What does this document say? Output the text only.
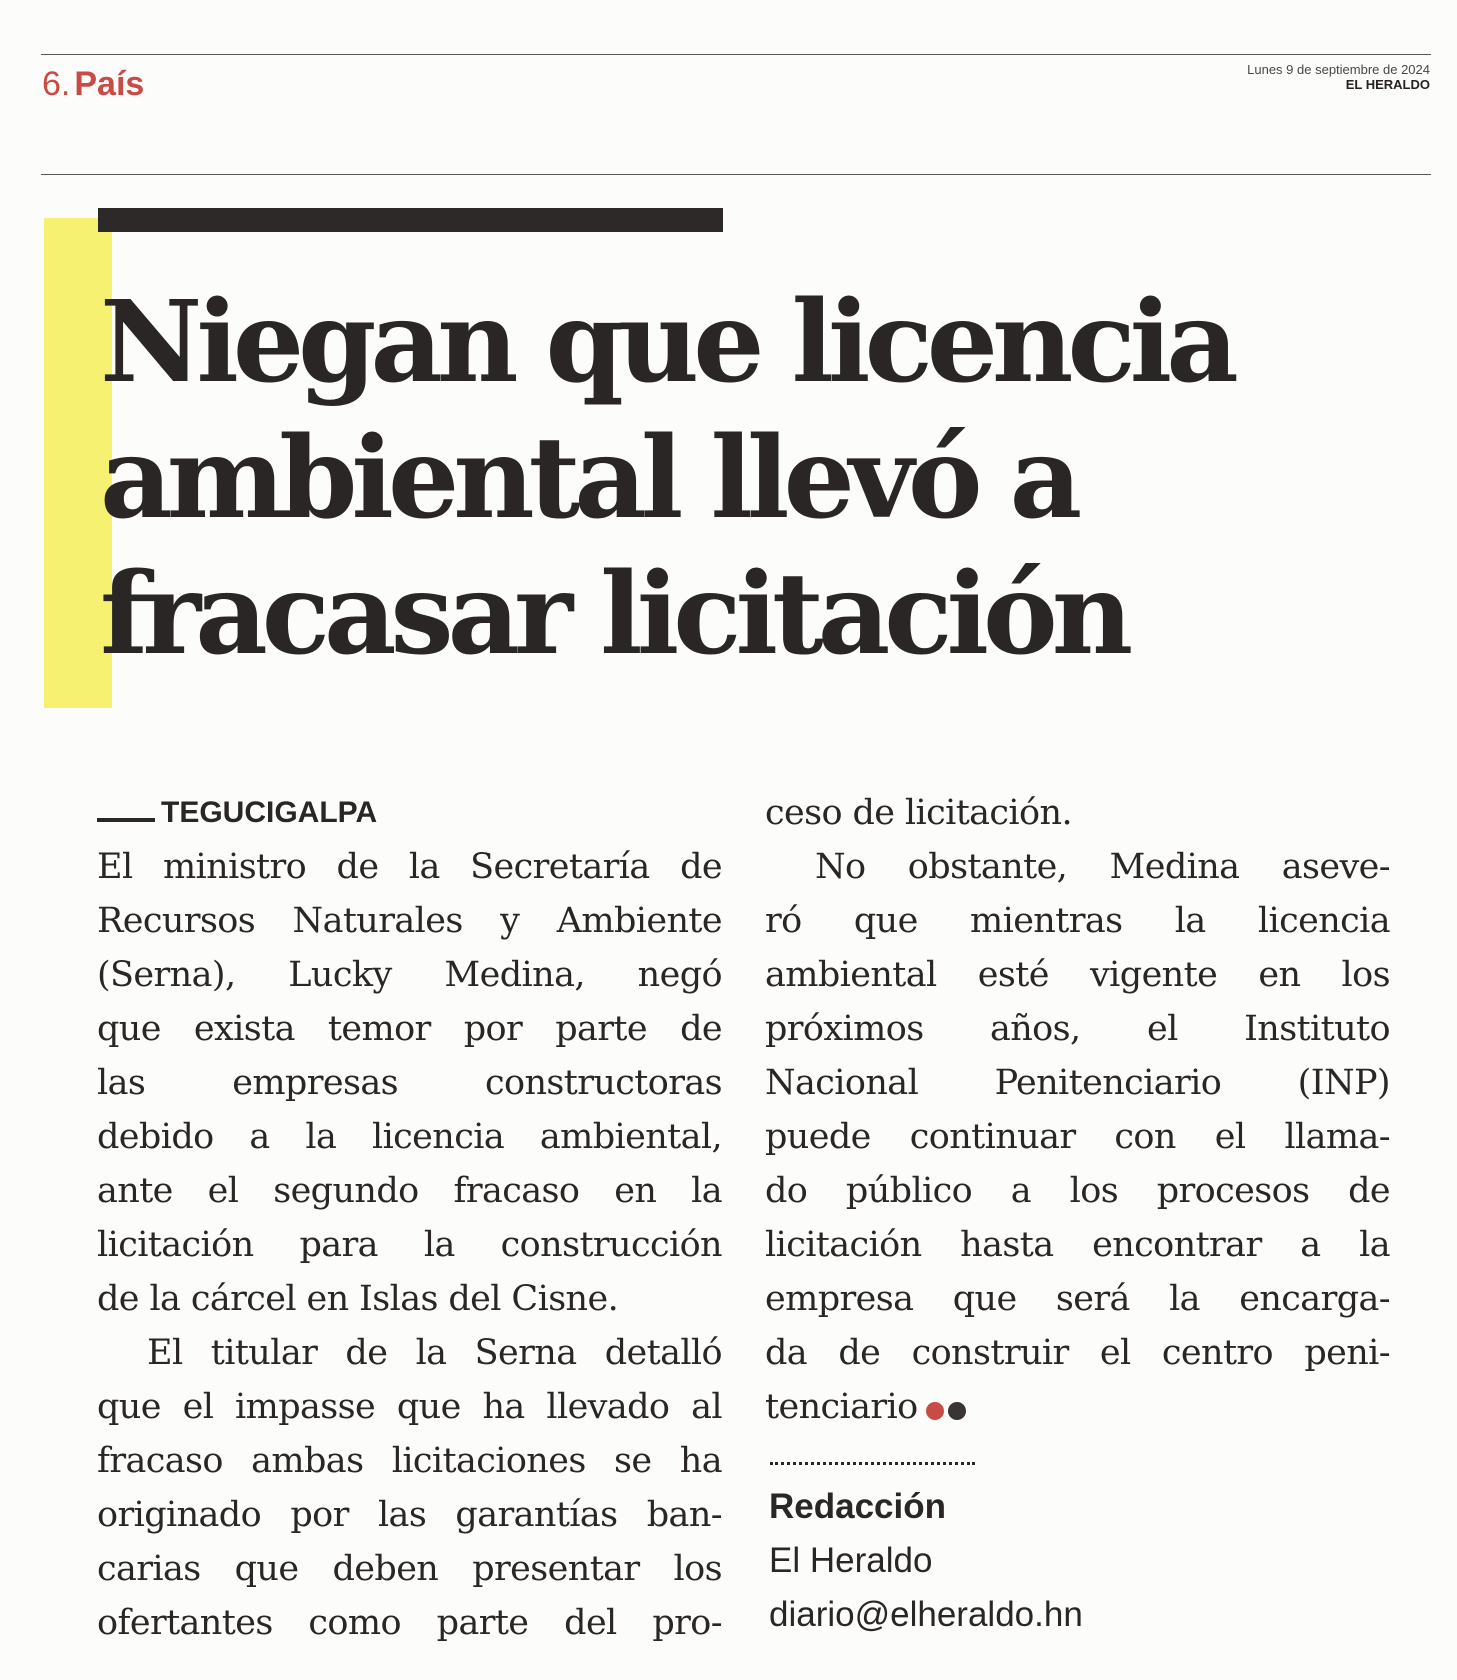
6. País	Lunes 9 de septiembre de 2024
EL HERALDO
Niegan que licencia
ambiental llevó a
fracasar licitación
TEGUCIGALPA
El ministro de la Secretaría de
Recursos Naturales y Ambiente
(Serna), Lucky Medina, negó
que exista temor por parte de
las empresas constructoras
debido a la licencia ambiental,
ante el segundo fracaso en la
licitación para la construcción
de la cárcel en Islas del Cisne.
El titular de la Serna detalló
que el impasse que ha llevado al
fracaso ambas licitaciones se ha
originado por las garantías ban-
carias que deben presentar los
ofertantes como parte del pro-
ceso de licitación.
No obstante, Medina aseve-
ró que mientras la licencia
ambiental esté vigente en los
próximos años, el Instituto
Nacional Penitenciario (INP)
puede continuar con el llama-
do público a los procesos de
licitación hasta encontrar a la
empresa que será la encarga-
da de construir el centro peni-
tenciario
Redacción
El Heraldo
diario@elheraldo.hn
